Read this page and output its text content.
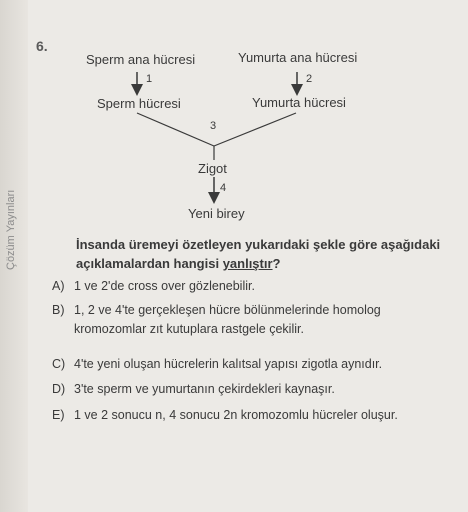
Çözüm Yayınları
6.
Sperm ana hücresi	Yumurta ana hücresi
1	2
Sperm hücresi	Yumurta hücresi
3
Zigot
4
Yeni birey
İnsanda üremeyi özetleyen yukarıdaki şekle göre aşağıdaki açıklamalardan hangisi yanlıştır?
A) 1 ve 2'de cross over gözlenebilir.
B) 1, 2 ve 4'te gerçekleşen hücre bölünmelerinde homolog
kromozomlar zıt kutuplara rastgele çekilir.
C) 4'te yeni oluşan hücrelerin kalıtsal yapısı zigotla aynıdır.
D) 3'te sperm ve yumurtanın çekirdekleri kaynaşır.
E) 1 ve 2 sonucu n, 4 sonucu 2n kromozomlu hücreler oluşur.
